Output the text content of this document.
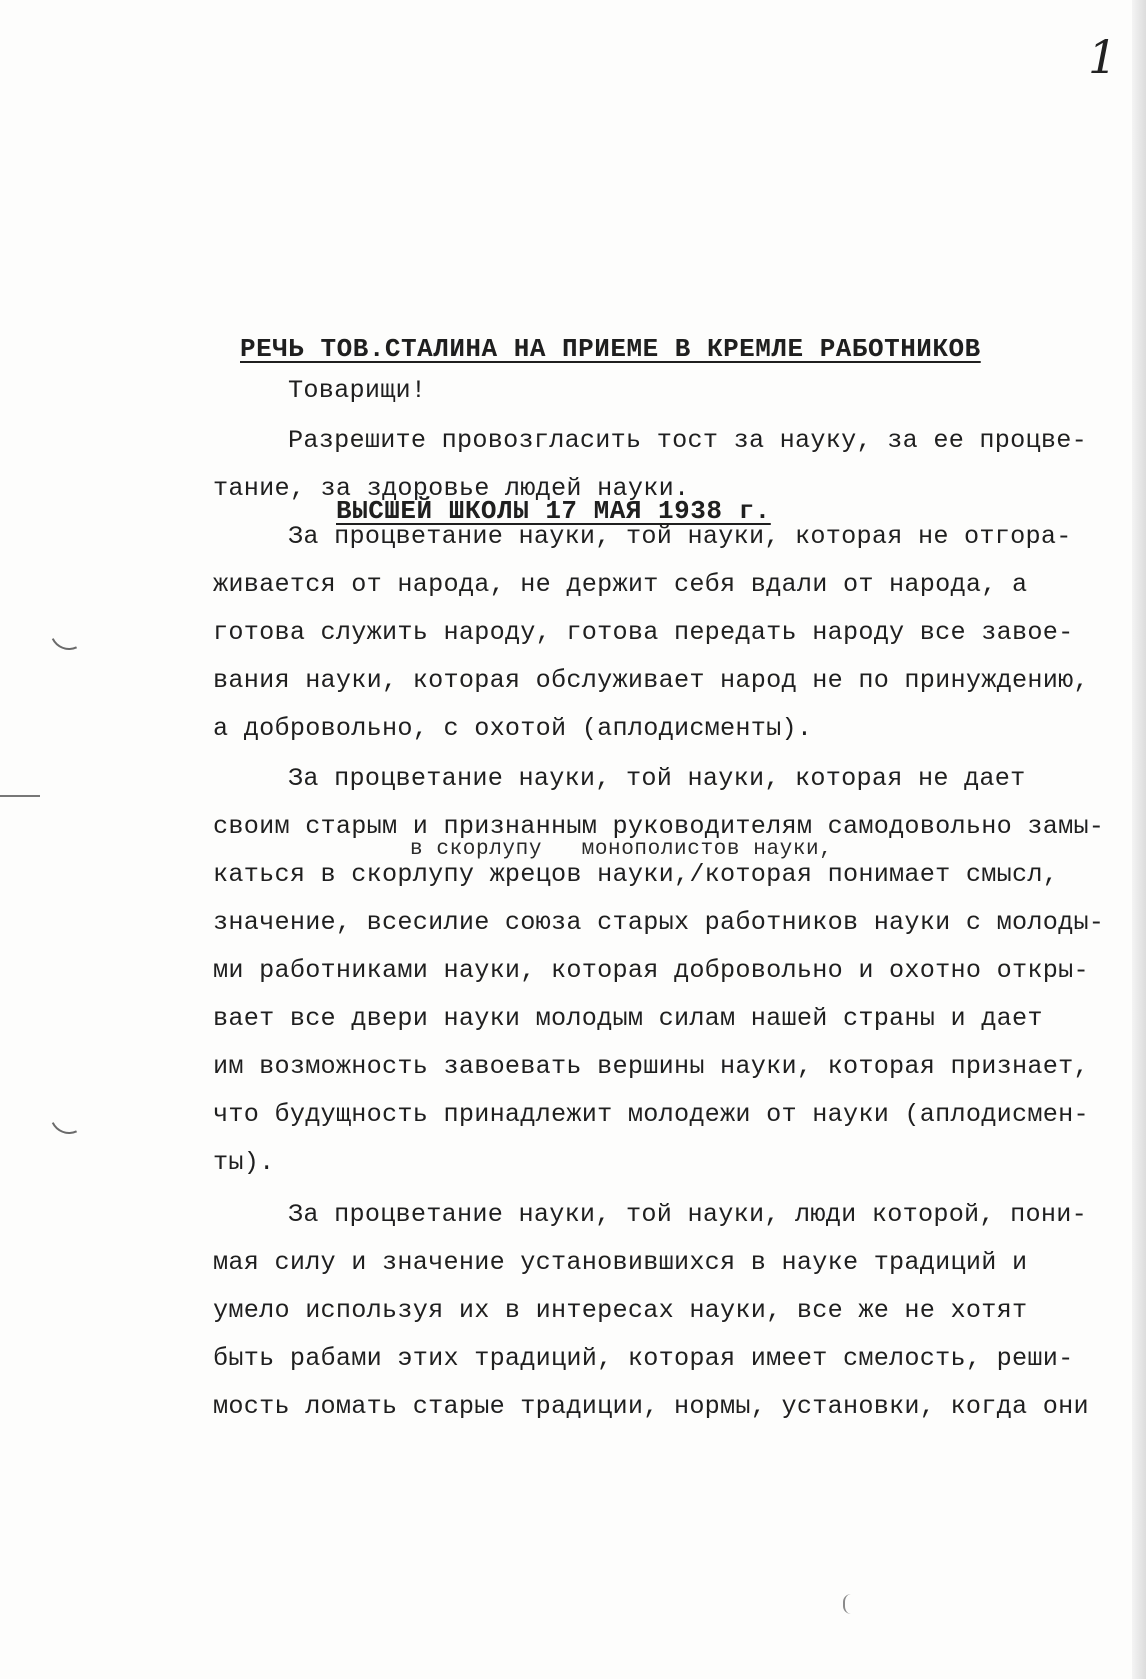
1

РЕЧЬ ТОВ.СТАЛИНА НА ПРИЕМЕ В КРЕМЛЕ РАБОТНИКОВ

ВЫСШЕЙ ШКОЛЫ 17 МАЯ 1938 г.

Товарищи!
Разрешите провозгласить тост за науку, за ее процве-
тание, за здоровье людей науки.
За процветание науки, той науки, которая не отгора-
живается от народа, не держит себя вдали от народа, а
готова служить народу, готова передать народу все завое-
вания науки, которая обслуживает народ не по принуждению,
а добровольно, с охотой (аплодисменты).
За процветание науки, той науки, которая не дает
своим старым и признанным руководителям самодовольно замы-
в скорлупу   монополистов науки,
каться в скорлупу жрецов науки,/которая понимает смысл,
значение, всесилие союза старых работников науки с молоды-
ми работниками науки, которая добровольно и охотно откры-
вает все двери науки молодым силам нашей страны и дает
им возможность завоевать вершины науки, которая признает,
что будущность принадлежит молодежи от науки (аплодисмен-
ты).
За процветание науки, той науки, люди которой, пони-
мая силу и значение установившихся в науке традиций и
умело используя их в интересах науки, все же не хотят
быть рабами этих традиций, которая имеет смелость, реши-
мость ломать старые традиции, нормы, установки, когда они
